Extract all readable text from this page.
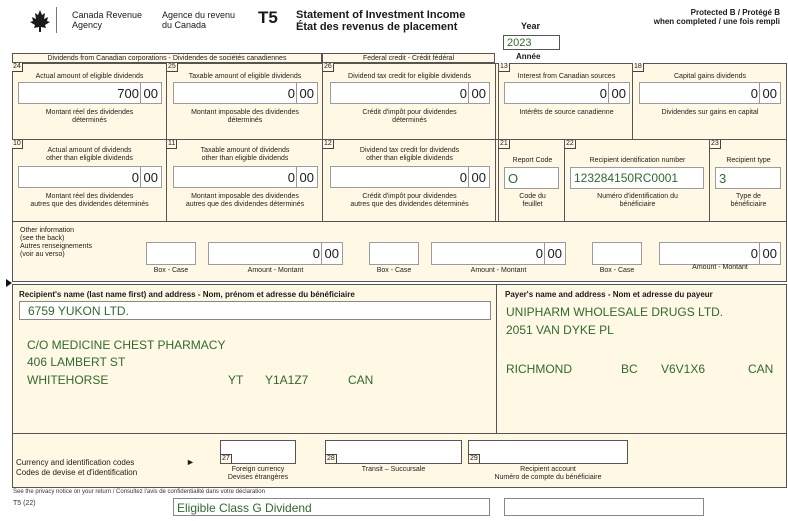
Canada Revenue
Agency
Agence du revenu
du Canada	T5 Statement of Investment Income
État des revenus de placement	Year
2023
Année
Protected B / Protégé B
when completed / une fois rempli
Dividends from Canadian corporations - Dividendes de sociétés canadiennes	Federal credit - Crédit fédéral
24
Actual amount of eligible dividends
700 00
Montant réel des dividendes
déterminés
25
Taxable amount of eligible dividends
0 00
Montant imposable des dividendes
déterminés
26
Dividend tax credit for eligible dividends
0 00
Crédit d'impôt pour dividendes
déterminés
13
Interest from Canadian sources
0 00
Intérêts de source canadienne
18
Capital gains dividends
0 00
Dividendes sur gains en capital
10
Actual amount of dividends
other than eligible dividends
0 00
Montant réel des dividendes
autres que des dividendes déterminés
11
Taxable amount of dividends
other than eligible dividends
0 00
Montant imposable des dividendes
autres que des dividendes déterminés
12
Dividend tax credit for dividends
other than eligible dividends
0 00
Crédit d'impôt pour dividendes
autres que des dividendes déterminés
21
Report Code
O
Code du
feuillet
22
Recipient identification number
123284150RC0001
Numéro d'identification du
bénéficiaire
23
Recipient type
3
Type de
bénéficiaire
Other information
(see the back)
Autres renseignements
(voir au verso)
Box - Case
0 00
Amount - Montant	Box - Case
0 00
Amount - Montant	Box - Case
0 00
Amount - Montant
Recipient's name (last name first) and address - Nom, prénom et adresse du bénéficiaire
6759 YUKON LTD.
C/O MEDICINE CHEST PHARMACY
406 LAMBERT ST
WHITEHORSE	YT Y1A1Z7	CAN
Payer's name and address - Nom et adresse du payeur
UNIPHARM WHOLESALE DRUGS LTD.
2051 VAN DYKE PL
RICHMOND	BC V6V1X6	CAN
Currency and identification codes
Codes de devise et d'identification
►	27
Foreign currency
Devises étrangères
28
Transit – Succursale
29
Recipient account
Numéro de compte du bénéficiaire
See the privacy notice on your return / Consultez l'avis de confidentialité dans votre déclaration
T5 (22)	Eligible Class G Dividend
